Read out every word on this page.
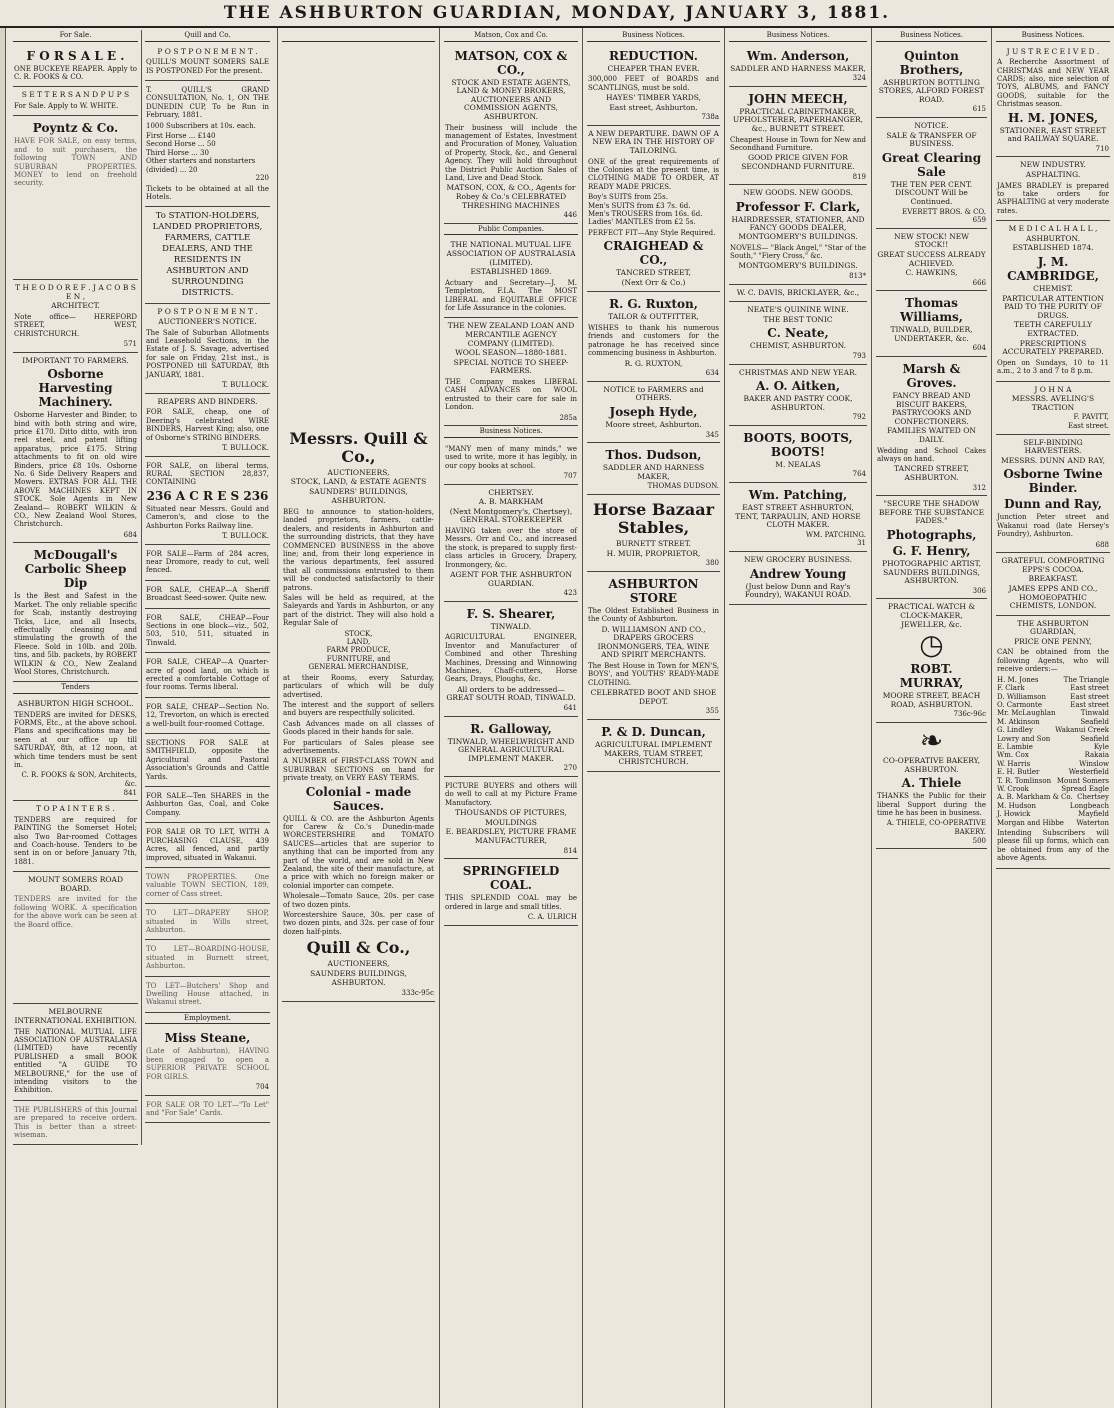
THE ASHBURTON GUARDIAN, MONDAY, JANUARY 3, 1881.
For Sale.
F O R S A L E .
ONE BUCKEYE REAPER. Apply to C. R. FOOKS & CO.
S E T T E R S A N D P U P S
For Sale. Apply to W. WHITE.
Poyntz & Co.
HAVE FOR SALE, on easy terms, and to suit purchasers, the following TOWN AND SUBURBAN PROPERTIES. MONEY to lend on freehold security.

T H E O D O R E F . J A C O B S E N ,
ARCHITECT.
Note office— HEREFORD STREET, WEST, CHRISTCHURCH.
571
IMPORTANT TO FARMERS.
Osborne Harvesting Machinery.
Osborne Harvester and Binder, to bind with both string and wire, price £170. Ditto ditto, with iron reel steel, and patent lifting apparatus, price £175. String attachments to fit on old wire Binders, price £8 10s. Osborne No. 6 Side Delivery Reapers and Mowers. EXTRAS FOR ALL THE ABOVE MACHINES KEPT IN STOCK. Sole Agents in New Zealand— ROBERT WILKIN & CO., New Zealand Wool Stores, Christchurch.
684
McDougall's Carbolic Sheep Dip
Is the Best and Safest in the Market. The only reliable specific for Scab, instantly destroying Ticks, Lice, and all Insects, effectually cleansing and stimulating the growth of the Fleece. Sold in 10lb. and 20lb. tins, and 5lb. packets, by ROBERT WILKIN & CO., New Zealand Wool Stores, Christchurch.
Tenders
ASHBURTON HIGH SCHOOL.
TENDERS are invited for DESKS, FORMS, Etc., at the above school. Plans and specifications may be seen at our office up till SATURDAY, 8th, at 12 noon, at which time tenders must be sent in.
C. R. FOOKS & SON, Architects, &c.
841
T O P A I N T E R S .
TENDERS are required for PAINTING the Somerset Hotel; also Two Bar-roomed Cottages and Coach-house. Tenders to be sent in on or before January 7th, 1881.
MOUNT SOMERS ROAD BOARD.
TENDERS are invited for the following WORK. A specification for the above work can be seen at the Board office.

MELBOURNE INTERNATIONAL EXHIBITION.
THE NATIONAL MUTUAL LIFE ASSOCIATION OF AUSTRALASIA (LIMITED) have recently PUBLISHED a small BOOK entitled "A GUIDE TO MELBOURNE," for the use of intending visitors to the Exhibition.
THE PUBLISHERS of this Journal are prepared to receive orders. This is better than a street-wiseman.
Quill and Co.
P O S T P O N E M E N T .
QUILL'S MOUNT SOMERS SALE IS POSTPONED For the present.
T. QUILL'S GRAND CONSULTATION, No. 1, ON THE DUNEDIN CUP, To be Run in February, 1881.
1000 Subscribers at 10s. each.
First Horse ... £140
Second Horse ... 50
Third Horse ... 30
Other starters and nonstarters (divided) ... 20
220
Tickets to be obtained at all the Hotels.
To STATION-HOLDERS, LANDED PROPRIETORS, FARMERS, CATTLE DEALERS, AND THE RESIDENTS IN ASHBURTON AND SURROUNDING DISTRICTS.
P O S T P O N E M E N T .
AUCTIONEER'S NOTICE.
The Sale of Suburban Allotments and Leasehold Sections, in the Estate of J. S. Savage, advertised for sale on Friday, 21st inst., is POSTPONED till SATURDAY, 8th JANUARY, 1881.
T. BULLOCK.
REAPERS AND BINDERS.
FOR SALE, cheap, one of Deering's celebrated WIRE BINDERS, Harvest King; also, one of Osborne's STRING BINDERS.
T. BULLOCK.
FOR SALE, on liberal terms, RURAL SECTION 28,837, CONTAINING
236 A C R E S 236
Situated near Messrs. Gould and Cameron's, and close to the Ashburton Forks Railway line.
T. BULLOCK.
FOR SALE—Farm of 284 acres, near Dromore, ready to cut, well fenced.
FOR SALE, CHEAP—A Sheriff Broadcast Seed-sower. Quite new.
FOR SALE, CHEAP—Four Sections in one block—viz., 502, 503, 510, 511, situated in Tinwald.
FOR SALE, CHEAP—A Quarter-acre of good land, on which is erected a comfortable Cottage of four rooms. Terms liberal.
FOR SALE, CHEAP—Section No. 12, Trevorton, on which is erected a well-built four-roomed Cottage.
SECTIONS FOR SALE at SMITHFIELD, opposite the Agricultural and Pastoral Association's Grounds and Cattle Yards.
FOR SALE—Ten SHARES in the Ashburton Gas, Coal, and Coke Company.
FOR SALE OR TO LET, WITH A PURCHASING CLAUSE, 439 Acres, all fenced, and partly improved, situated in Wakanui.
TOWN PROPERTIES. One valuable TOWN SECTION, 189, corner of Cass street.
TO LET—DRAPERY SHOP, situated in Wills street, Ashburton.
TO LET—BOARDING-HOUSE, situated in Burnett street, Ashburton.
TO LET—Butchers' Shop and Dwelling House attached, in Wakanui street.
Employment.
Miss Steane,
(Late of Ashburton), HAVING been engaged to open a SUPERIOR PRIVATE SCHOOL FOR GIRLS.
704
FOR SALE OR TO LET—"To Let" and "For Sale" Cards.

Messrs. Quill & Co.,
AUCTIONEERS,
STOCK, LAND, & ESTATE AGENTS
SAUNDERS' BUILDINGS,
ASHBURTON.
BEG to announce to station-holders, landed proprietors, farmers, cattle-dealers, and residents in Ashburton and the surrounding districts, that they have COMMENCED BUSINESS in the above line; and, from their long experience in the various departments, feel assured that all commissions entrusted to them will be conducted satisfactorily to their patrons.
Sales will be held as required, at the Saleyards and Yards in Ashburton, or any part of the district. They will also hold a Regular Sale of
STOCK,
LAND,
FARM PRODUCE,
FURNITURE, and
GENERAL MERCHANDISE,
at their Rooms, every Saturday, particulars of which will be duly advertised.
The interest and the support of sellers and buyers are respectfully solicited.
Cash Advances made on all classes of Goods placed in their hands for sale.
For particulars of Sales please see advertisements.
A NUMBER of FIRST-CLASS TOWN and SUBURBAN SECTIONS on hand for private treaty, on VERY EASY TERMS.
Colonial - made Sauces.
QUILL & CO. are the Ashburton Agents for Carew & Co.'s Dunedin-made WORCESTERSHIRE and TOMATO SAUCES—articles that are superior to anything that can be imported from any part of the world, and are sold in New Zealand, the site of their manufacture, at a price with which no foreign maker or colonial importer can compete.
Wholesale—Tomato Sauce, 20s. per case of two dozen pints.
Worcestershire Sauce, 30s. per case of two dozen pints, and 32s. per case of four dozen half-pints.
Quill & Co.,
AUCTIONEERS,
SAUNDERS BUILDINGS,
ASHBURTON.
333c-95c
Matson, Cox and Co.
MATSON, COX & CO.,
STOCK AND ESTATE AGENTS, LAND & MONEY BROKERS, AUCTIONEERS AND COMMISSION AGENTS, ASHBURTON.
Their business will include the management of Estates, Investment and Procuration of Money, Valuation of Property, Stock, &c., and General Agency. They will hold throughout the District Public Auction Sales of Land, Live and Dead Stock.
MATSON, COX, & CO., Agents for Robey & Co.'s CELEBRATED THRESHING MACHINES
446
Public Companies.
THE NATIONAL MUTUAL LIFE ASSOCIATION OF AUSTRALASIA (LIMITED).
ESTABLISHED 1869.
Actuary and Secretary—J. M. Templeton, F.I.A. The MOST LIBERAL and EQUITABLE OFFICE for Life Assurance in the colonies.
THE NEW ZEALAND LOAN AND MERCANTILE AGENCY COMPANY (LIMITED).
WOOL SEASON—1880-1881.
SPECIAL NOTICE TO SHEEP-FARMERS.
THE Company makes LIBERAL CASH ADVANCES on WOOL entrusted to their care for sale in London.
285a
Business Notices.
"MANY men of many minds," we used to write, more it has legibly, in our copy books at school.
707
CHERTSEY.
A. B. MARKHAM
(Next Montgomery's, Chertsey), GENERAL STOREKEEPER
HAVING taken over the store of Messrs. Orr and Co., and increased the stock, is prepared to supply first-class articles in Grocery, Drapery, Ironmongery, &c.
AGENT FOR THE ASHBURTON GUARDIAN.
423
F. S. Shearer,
TINWALD.
AGRICULTURAL ENGINEER, Inventor and Manufacturer of Combined and other Threshing Machines, Dressing and Winnowing Machines, Chaff-cutters, Horse Gears, Drays, Ploughs, &c.
All orders to be addressed— GREAT SOUTH ROAD, TINWALD.
641
R. Galloway,
TINWALD, WHEELWRIGHT AND GENERAL AGRICULTURAL IMPLEMENT MAKER.
270
PICTURE BUYERS and others will do well to call at my Picture Frame Manufactory.
THOUSANDS OF PICTURES,
MOULDINGS
E. BEARDSLEY, PICTURE FRAME MANUFACTURER,
814
SPRINGFIELD COAL.
THIS SPLENDID COAL may be ordered in large and small titles.
C. A. ULRICH
Business Notices.
REDUCTION.
CHEAPER THAN EVER.
300,000 FEET of BOARDS and SCANTLINGS, must be sold.
HAYES' TIMBER YARDS,
East street, Ashburton.
738a
A NEW DEPARTURE. DAWN OF A NEW ERA IN THE HISTORY OF TAILORING.
ONE of the great requirements of the Colonies at the present time, is CLOTHING MADE TO ORDER, AT READY MADE PRICES.
Boy's SUITS from 25s.
Men's SUITS from £3 7s. 6d.
Men's TROUSERS from 16s. 6d.
Ladies' MANTLES from £2 5s.
PERFECT FIT—Any Style Required.
CRAIGHEAD & CO.,
TANCRED STREET,
(Next Orr & Co.)
R. G. Ruxton,
TAILOR & OUTFITTER,
WISHES to thank his numerous friends and customers for the patronage he has received since commencing business in Ashburton.
R. G. RUXTON,
634
NOTICE to FARMERS and OTHERS.
Joseph Hyde,
Moore street, Ashburton.
345
Thos. Dudson,
SADDLER AND HARNESS MAKER,
THOMAS DUDSON.
Horse Bazaar Stables,
BURNETT STREET.
H. MUIR, PROPRIETOR,
380
ASHBURTON STORE
The Oldest Established Business in the County of Ashburton.
D. WILLIAMSON AND CO., DRAPERS GROCERS IRONMONGERS, TEA, WINE AND SPIRIT MERCHANTS.
The Best House in Town for MEN'S, BOYS', and YOUTHS' READY-MADE CLOTHING.
CELEBRATED BOOT AND SHOE DEPOT.
355
P. & D. Duncan,
AGRICULTURAL IMPLEMENT MAKERS, TUAM STREET, CHRISTCHURCH.
Business Notices.
Wm. Anderson,
SADDLER AND HARNESS MAKER,
324
JOHN MEECH,
PRACTICAL CABINETMAKER, UPHOLSTERER, PAPERHANGER, &c., BURNETT STREET.
Cheapest House in Town for New and Secondhand Furniture.
GOOD PRICE GIVEN FOR SECONDHAND FURNITURE.
819
NEW GOODS. NEW GOODS.
Professor F. Clark,
HAIRDRESSER, STATIONER, AND FANCY GOODS DEALER, MONTGOMERY'S BUILDINGS.
NOVELS— "Black Angel," "Star of the South," "Fiery Cross," &c.
MONTGOMERY'S BUILDINGS.
813*
W. C. DAVIS, BRICKLAYER, &c.,
NEATE'S QUININE WINE.
THE BEST TONIC
C. Neate,
CHEMIST, ASHBURTON.
793
CHRISTMAS AND NEW YEAR.
A. O. Aitken,
BAKER AND PASTRY COOK, ASHBURTON.
792
BOOTS, BOOTS, BOOTS!
M. NEALAS
764
Wm. Patching,
EAST STREET ASHBURTON, TENT, TARPAULIN, AND HORSE CLOTH MAKER.
WM. PATCHING.
31
NEW GROCERY BUSINESS.
Andrew Young
(Just below Dunn and Ray's Foundry), WAKANUI ROAD.
Business Notices.
Quinton Brothers,
ASHBURTON BOTTLING STORES, ALFORD FOREST ROAD.
615
NOTICE.
SALE & TRANSFER OF BUSINESS.
Great Clearing Sale
THE TEN PER CENT. DISCOUNT Will be Continued.
EVERETT BROS. & CO.
659
NEW STOCK! NEW STOCK!!
GREAT SUCCESS ALREADY ACHIEVED.
C. HAWKINS,
666
Thomas Williams,
TINWALD, BUILDER, UNDERTAKER, &c.
604
Marsh & Groves.
FANCY BREAD AND BISCUIT BAKERS, PASTRYCOOKS AND CONFECTIONERS.
FAMILIES WAITED ON DAILY.
Wedding and School Cakes always on hand.
TANCRED STREET, ASHBURTON.
312
"SECURE THE SHADOW BEFORE THE SUBSTANCE FADES."
Photographs,
G. F. Henry,
PHOTOGRAPHIC ARTIST, SAUNDERS BUILDINGS, ASHBURTON.
306
PRACTICAL WATCH & CLOCK-MAKER, JEWELLER, &c.
◷
ROBT. MURRAY,
MOORE STREET, BEACH ROAD, ASHBURTON.
736c-96c
❧
CO-OPERATIVE BAKERY, ASHBURTON.
A. Thiele
THANKS the Public for their liberal Support during the time he has been in business.
A. THIELE, CO-OPERATIVE BAKERY.
500
Business Notices.
J U S T R E C E I V E D .
A Recherche Assortment of CHRISTMAS and NEW YEAR CARDS; also, nice selection of TOYS, ALBUMS, and FANCY GOODS, suitable for the Christmas season.
H. M. JONES,
STATIONER, EAST STREET and RAILWAY SQUARE.
710
NEW INDUSTRY.
ASPHALTING.
JAMES BRADLEY is prepared to take orders for ASPHALTING at very moderate rates.
M E D I C A L H A L L ,
ASHBURTON.
ESTABLISHED 1874.
J. M. CAMBRIDGE,
CHEMIST.
PARTICULAR ATTENTION PAID TO THE PURITY OF DRUGS.
TEETH CAREFULLY EXTRACTED.
PRESCRIPTIONS ACCURATELY PREPARED.
Open on Sundays, 10 to 11 a.m., 2 to 3 and 7 to 8 p.m.
J O H N A
MESSRS. AVELING'S TRACTION
F. PAVITT,
East street.
SELF-BINDING HARVESTERS.
MESSRS. DUNN AND RAY,
Osborne Twine Binder.
Dunn and Ray,
Junction Peter street and Wakanui road (late Hersey's Foundry), Ashburton.
688
GRATEFUL COMFORTING EPPS'S COCOA.
BREAKFAST.
JAMES EPPS AND CO., HOMOEOPATHIC CHEMISTS, LONDON.
THE ASHBURTON GUARDIAN,
PRICE ONE PENNY,
CAN be obtained from the following Agents, who will receive orders:—
H. M. Jones	The Triangle
F. Clark	East street
D. Williamson	East street
O. Carmonte	East street
Mr. McLaughlan	Tinwald
M. Atkinson	Seafield
G. Lindley	Wakanui Creek
Lowry and Son	Seafield
E. Lambie	Kyle
Wm. Cox	Rakaia
W. Harris	Winslow
E. H. Butler	Westerfield
T. R. Tomlinson Mount Somers
W. Crook	Spread Eagle
A. B. Markham & Co. Chertsey
M. Hudson	Longbeach
J. Howick	Mayfield
Morgan and Hibbe Waterton
Intending Subscribers will please fill up forms, which can be obtained from any of the above Agents.
